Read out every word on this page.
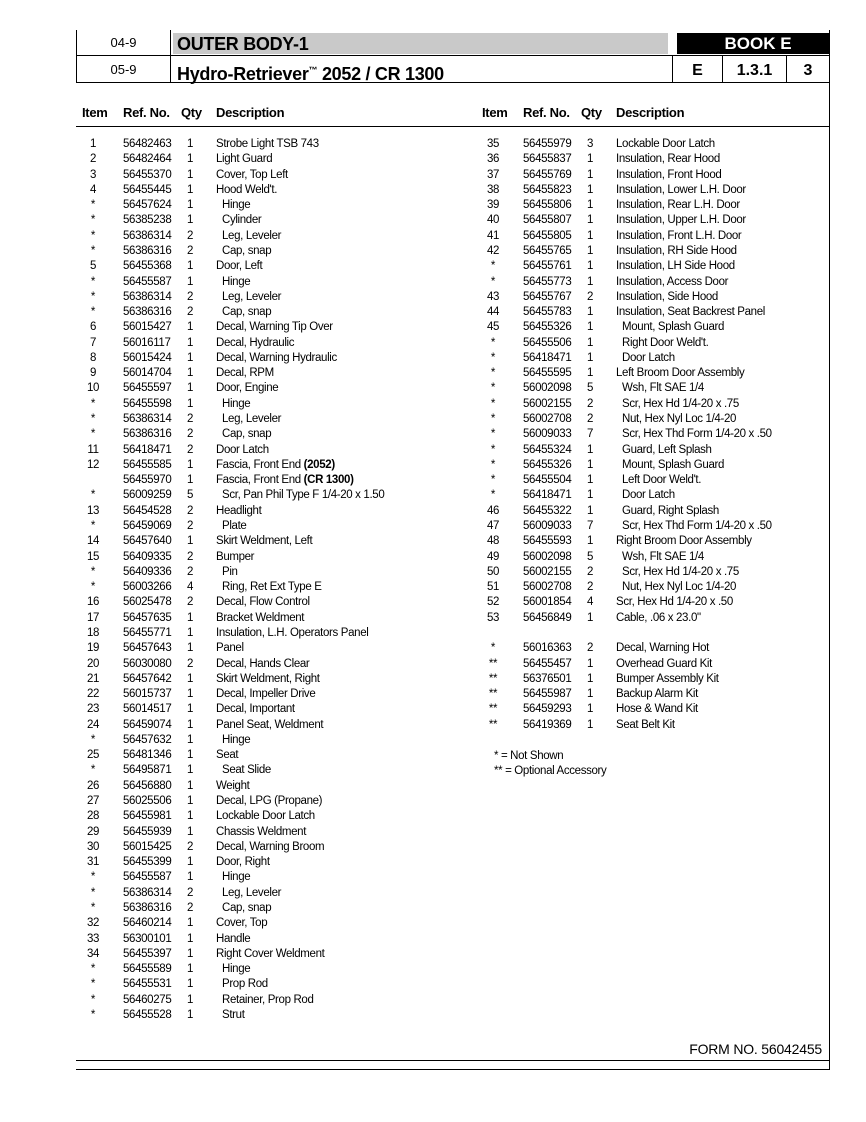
04-9
05-9
OUTER BODY-1
Hydro-Retriever™ 2052 / CR 1300
BOOK E
E	1.3.1	3
Item Ref. No. Qty Description	Item Ref. No. Qty Description
1	56482463	1	Strobe Light TSB 743
2	56482464	1	Light Guard
3	56455370	1	Cover, Top Left
4	56455445	1	Hood Weld't.
*	56457624	1	Hinge
*	56385238	1	Cylinder
*	56386314	2	Leg, Leveler
*	56386316	2	Cap, snap
5	56455368	1	Door, Left
*	56455587	1	Hinge
*	56386314	2	Leg, Leveler
*	56386316	2	Cap, snap
6	56015427	1	Decal, Warning Tip Over
7	56016117	1	Decal, Hydraulic
8	56015424	1	Decal, Warning Hydraulic
9	56014704	1	Decal, RPM
10	56455597	1	Door, Engine
*	56455598	1	Hinge
*	56386314	2	Leg, Leveler
*	56386316	2	Cap, snap
11	56418471	2	Door Latch
12	56455585	1	Fascia, Front End (2052)
56455970	1	Fascia, Front End (CR 1300)
*	56009259	5	Scr, Pan Phil Type F 1/4-20 x 1.50
13	56454528	2	Headlight
*	56459069	2	Plate
14	56457640	1	Skirt Weldment, Left
15	56409335	2	Bumper
*	56409336	2	Pin
*	56003266	4	Ring, Ret Ext Type E
16	56025478	2	Decal, Flow Control
17	56457635	1	Bracket Weldment
18	56455771	1	Insulation, L.H. Operators Panel
19	56457643	1	Panel
20	56030080	2	Decal, Hands Clear
21	56457642	1	Skirt Weldment, Right
22	56015737	1	Decal, Impeller Drive
23	56014517	1	Decal, Important
24	56459074	1	Panel Seat, Weldment
*	56457632	1	Hinge
25	56481346	1	Seat
*	56495871	1	Seat Slide
26	56456880	1	Weight
27	56025506	1	Decal, LPG (Propane)
28	56455981	1	Lockable Door Latch
29	56455939	1	Chassis Weldment
30	56015425	2	Decal, Warning Broom
31	56455399	1	Door, Right
*	56455587	1	Hinge
*	56386314	2	Leg, Leveler
*	56386316	2	Cap, snap
32	56460214	1	Cover, Top
33	56300101	1	Handle
34	56455397	1	Right Cover Weldment
*	56455589	1	Hinge
*	56455531	1	Prop Rod
*	56460275	1	Retainer, Prop Rod
*	56455528	1	Strut
35	56455979	3	Lockable Door Latch
36	56455837	1	Insulation, Rear Hood
37	56455769	1	Insulation, Front Hood
38	56455823	1	Insulation, Lower L.H. Door
39	56455806	1	Insulation, Rear L.H. Door
40	56455807	1	Insulation, Upper L.H. Door
41	56455805	1	Insulation, Front L.H. Door
42	56455765	1	Insulation, RH Side Hood
*	56455761	1	Insulation, LH Side Hood
*	56455773	1	Insulation, Access Door
43	56455767	2	Insulation, Side Hood
44	56455783	1	Insulation, Seat Backrest Panel
45	56455326	1	Mount, Splash Guard
*	56455506	1	Right Door Weld't.
*	56418471	1	Door Latch
*	56455595	1	Left Broom Door Assembly
*	56002098	5	Wsh, Flt SAE 1/4
*	56002155	2	Scr, Hex Hd 1/4-20 x .75
*	56002708	2	Nut, Hex Nyl Loc 1/4-20
*	56009033	7	Scr, Hex Thd Form 1/4-20 x .50
*	56455324	1	Guard, Left Splash
*	56455326	1	Mount, Splash Guard
*	56455504	1	Left Door Weld't.
*	56418471	1	Door Latch
46	56455322	1	Guard, Right Splash
47	56009033	7	Scr, Hex Thd Form 1/4-20 x .50
48	56455593	1	Right Broom Door Assembly
49	56002098	5	Wsh, Flt SAE 1/4
50	56002155	2	Scr, Hex Hd 1/4-20 x .75
51	56002708	2	Nut, Hex Nyl Loc 1/4-20
52	56001854	4	Scr, Hex Hd 1/4-20 x .50
53	56456849	1	Cable, .06 x 23.0"
*	56016363	2	Decal, Warning Hot
**	56455457	1	Overhead Guard Kit
**	56376501	1	Bumper Assembly Kit
**	56455987	1	Backup Alarm Kit
**	56459293	1	Hose & Wand Kit
**	56419369	1	Seat Belt Kit
* = Not Shown
** = Optional Accessory
FORM NO. 56042455
